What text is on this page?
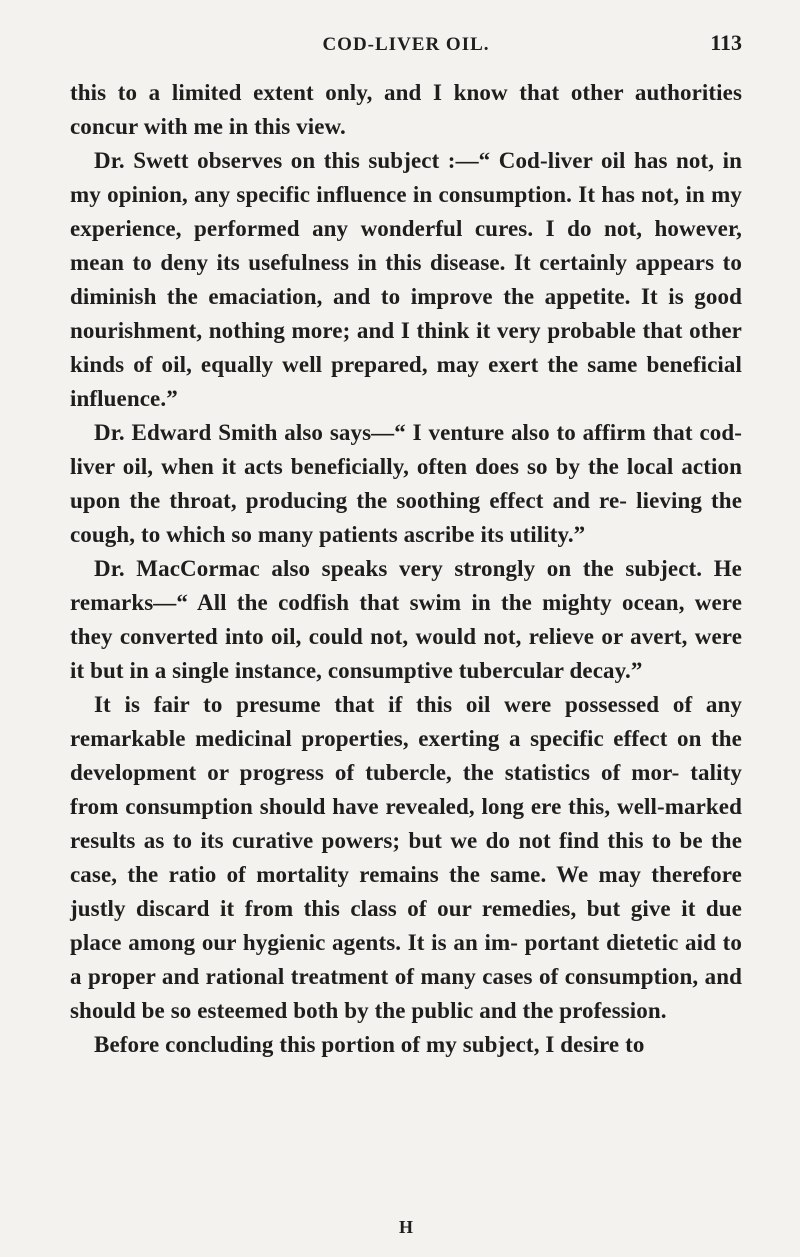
COD-LIVER OIL.	113

this to a limited extent only, and I know that other authorities concur with me in this view.

Dr. Swett observes on this subject :—“ Cod-liver oil has not, in my opinion, any specific influence in consumption. It has not, in my experience, performed any wonderful cures. I do not, however, mean to deny its usefulness in this disease. It certainly appears to diminish the emaciation, and to improve the appetite. It is good nourishment, nothing more; and I think it very probable that other kinds of oil, equally well prepared, may exert the same beneficial influence.”

Dr. Edward Smith also says—“ I venture also to affirm that cod-liver oil, when it acts beneficially, often does so by the local action upon the throat, producing the soothing effect and re- lieving the cough, to which so many patients ascribe its utility.”

Dr. MacCormac also speaks very strongly on the subject. He remarks—“ All the codfish that swim in the mighty ocean, were they converted into oil, could not, would not, relieve or avert, were it but in a single instance, consumptive tubercular decay.”

It is fair to presume that if this oil were possessed of any remarkable medicinal properties, exerting a specific effect on the development or progress of tubercle, the statistics of mor- tality from consumption should have revealed, long ere this, well-marked results as to its curative powers; but we do not find this to be the case, the ratio of mortality remains the same. We may therefore justly discard it from this class of our remedies, but give it due place among our hygienic agents. It is an im- portant dietetic aid to a proper and rational treatment of many cases of consumption, and should be so esteemed both by the public and the profession.

Before concluding this portion of my subject, I desire to

H
